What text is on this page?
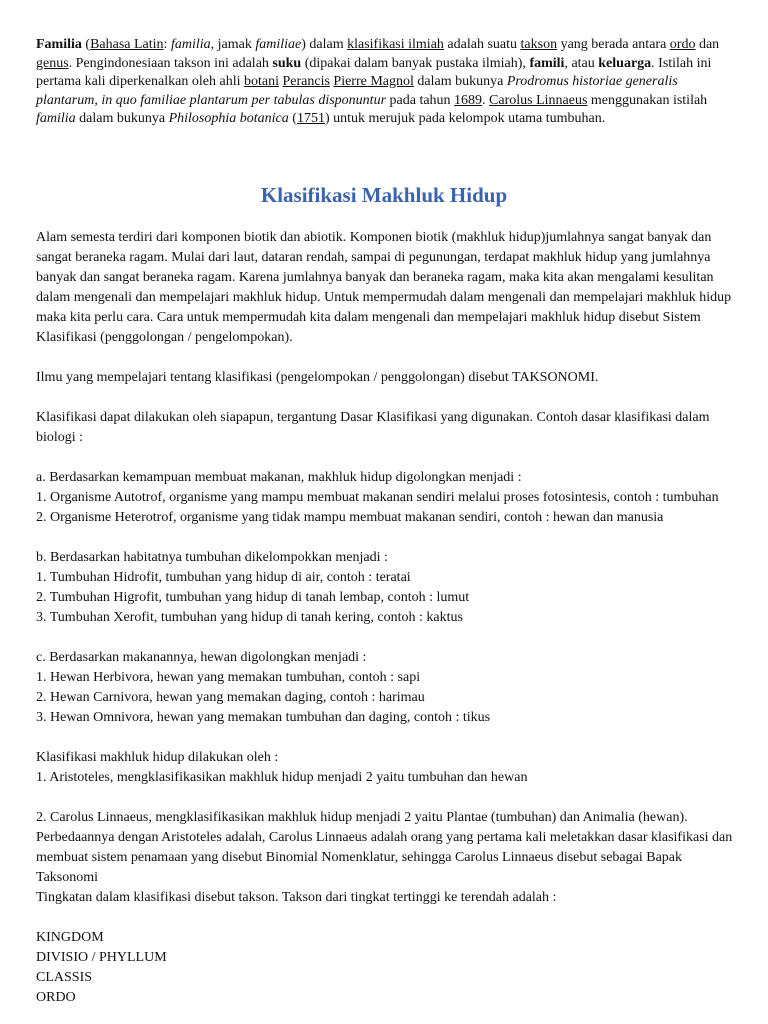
Familia (Bahasa Latin: familia, jamak familiae) dalam klasifikasi ilmiah adalah suatu takson yang berada antara ordo dan genus. Pengindonesiaan takson ini adalah suku (dipakai dalam banyak pustaka ilmiah), famili, atau keluarga. Istilah ini pertama kali diperkenalkan oleh ahli botani Perancis Pierre Magnol dalam bukunya Prodromus historiae generalis plantarum, in quo familiae plantarum per tabulas disponuntur pada tahun 1689. Carolus Linnaeus menggunakan istilah familia dalam bukunya Philosophia botanica (1751) untuk merujuk pada kelompok utama tumbuhan.

Klasifikasi Makhluk Hidup

Alam semesta terdiri dari komponen biotik dan abiotik. Komponen biotik (makhluk hidup)jumlahnya sangat banyak dan sangat beraneka ragam. Mulai dari laut, dataran rendah, sampai di pegunungan, terdapat makhluk hidup yang jumlahnya banyak dan sangat beraneka ragam. Karena jumlahnya banyak dan beraneka ragam, maka kita akan mengalami kesulitan dalam mengenali dan mempelajari makhluk hidup. Untuk mempermudah dalam mengenali dan mempelajari makhluk hidup maka kita perlu cara. Cara untuk mempermudah kita dalam mengenali dan mempelajari makhluk hidup disebut Sistem Klasifikasi (penggolongan / pengelompokan).

Ilmu yang mempelajari tentang klasifikasi (pengelompokan / penggolongan) disebut TAKSONOMI.

Klasifikasi dapat dilakukan oleh siapapun, tergantung Dasar Klasifikasi yang digunakan. Contoh dasar klasifikasi dalam biologi :

a. Berdasarkan kemampuan membuat makanan, makhluk hidup digolongkan menjadi :

1. Organisme Autotrof, organisme yang mampu membuat makanan sendiri melalui proses fotosintesis, contoh : tumbuhan

2. Organisme Heterotrof, organisme yang tidak mampu membuat makanan sendiri, contoh : hewan dan manusia

b. Berdasarkan habitatnya tumbuhan dikelompokkan menjadi :

1. Tumbuhan Hidrofit, tumbuhan yang hidup di air, contoh : teratai

2. Tumbuhan Higrofit, tumbuhan yang hidup di tanah lembap, contoh : lumut

3. Tumbuhan Xerofit, tumbuhan yang hidup di tanah kering, contoh : kaktus

c. Berdasarkan makanannya, hewan digolongkan menjadi :

1. Hewan Herbivora, hewan yang memakan tumbuhan, contoh : sapi

2. Hewan Carnivora, hewan yang memakan daging, contoh : harimau

3. Hewan Omnivora, hewan yang memakan tumbuhan dan daging, contoh : tikus

Klasifikasi makhluk hidup dilakukan oleh :

1. Aristoteles, mengklasifikasikan makhluk hidup menjadi 2 yaitu tumbuhan dan hewan

2. Carolus Linnaeus, mengklasifikasikan makhluk hidup menjadi 2 yaitu Plantae (tumbuhan) dan Animalia (hewan). Perbedaannya dengan Aristoteles adalah, Carolus Linnaeus adalah orang yang pertama kali meletakkan dasar klasifikasi dan membuat sistem penamaan yang disebut Binomial Nomenklatur, sehingga Carolus Linnaeus disebut sebagai Bapak Taksonomi

Tingkatan dalam klasifikasi disebut takson. Takson dari tingkat tertinggi ke terendah adalah :

KINGDOM

DIVISIO / PHYLLUM

CLASSIS

ORDO
